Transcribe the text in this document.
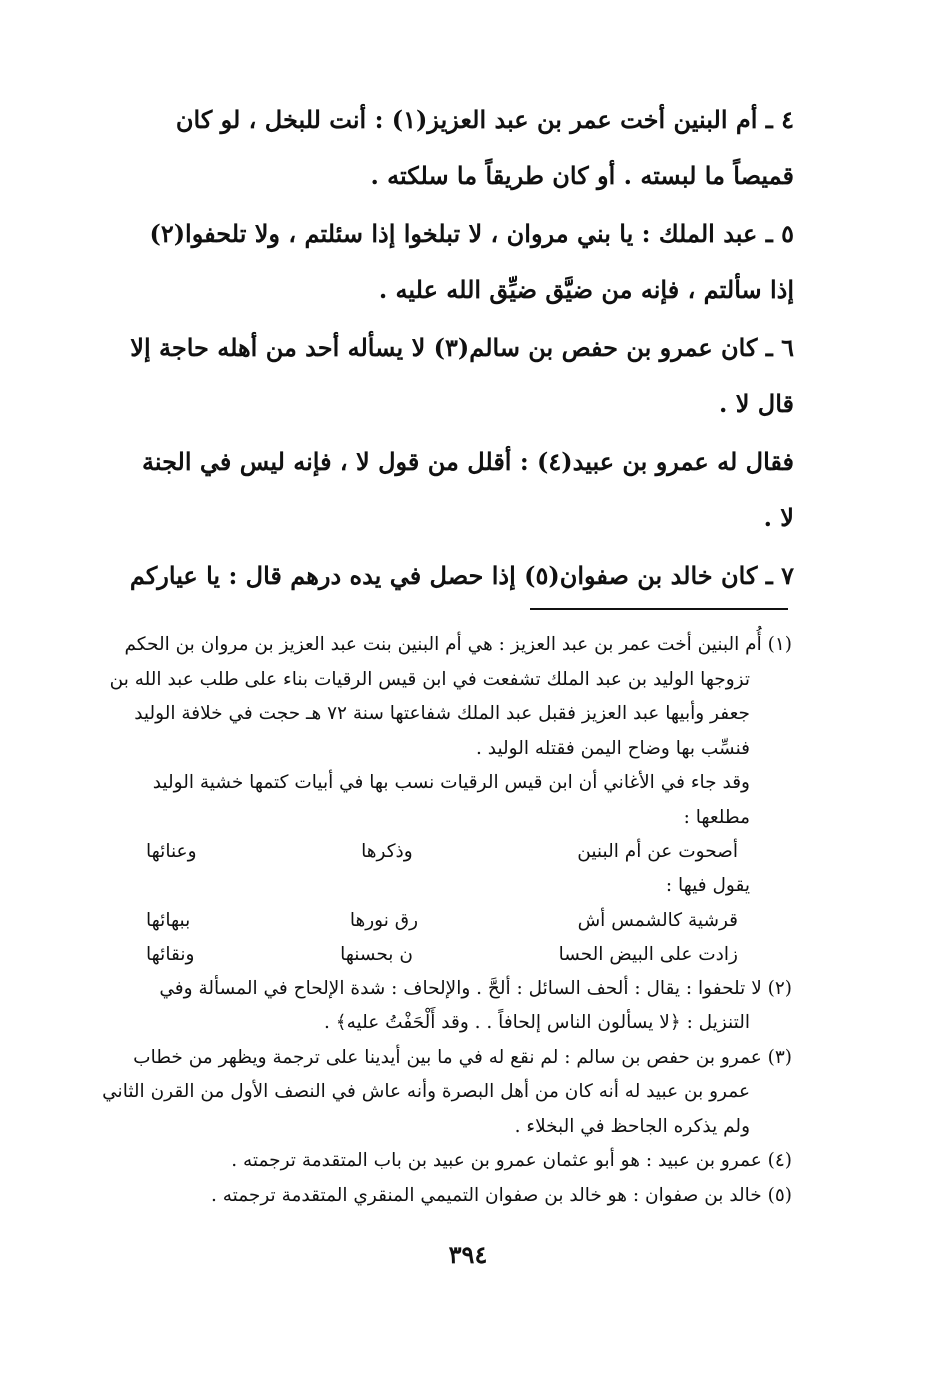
٤ ـ أم البنين أخت عمر بن عبد العزيز(١) : أنت للبخل ، لو كان
قميصاً ما لبسته . أو كان طريقاً ما سلكته .

٥ ـ عبد الملك : يا بني مروان ، لا تبلخوا إذا سئلتم ، ولا تلحفوا(٢)
إذا سألتم ، فإنه من ضيَّق ضيِّق الله عليه .

٦ ـ كان عمرو بن حفص بن سالم(٣) لا يسأله أحد من أهله حاجة إلا
قال لا .

فقال له عمرو بن عبيد(٤) : أقلل من قول لا ، فإنه ليس في الجنة
لا .

٧ ـ كان خالد بن صفوان(٥) إذا حصل في يده درهم قال : يا عياركم

(١) أُم البنين أخت عمر بن عبد العزيز : هي أم البنين بنت عبد العزيز بن مروان بن الحكم
تزوجها الوليد بن عبد الملك تشفعت في ابن قيس الرقيات بناء على طلب عبد الله بن
جعفر وأبيها عبد العزيز فقبل عبد الملك شفاعتها سنة ٧٢ هـ حجت في خلافة الوليد
فنسِّب بها وضاح اليمن فقتله الوليد .
وقد جاء في الأغاني أن ابن قيس الرقيات نسب بها في أبيات كتمها خشية الوليد
مطلعها :
أصحوت عن أم البنين
وذكرها
وعنائها
يقول فيها :
قرشية كالشمس أش
رق نورها
ببهائها
زادت على البيض الحسا
ن بحسنها
ونقائها
(٢) لا تلحفوا : يقال : ألحف السائل : ألحَّ . والإلحاف : شدة الإلحاح في المسألة وفي
التنزيل : ﴿لا يسألون الناس إلحافاً . . وقد أَلْحَفْتُ عليه﴾ .
(٣) عمرو بن حفص بن سالم : لم نقع له في ما بين أيدينا على ترجمة ويظهر من خطاب
عمرو بن عبيد له أنه كان من أهل البصرة وأنه عاش في النصف الأول من القرن الثاني
ولم يذكره الجاحظ في البخلاء .
(٤) عمرو بن عبيد : هو أبو عثمان عمرو بن عبيد بن باب المتقدمة ترجمته .
(٥) خالد بن صفوان : هو خالد بن صفوان التميمي المنقري المتقدمة ترجمته .
٣٩٤
